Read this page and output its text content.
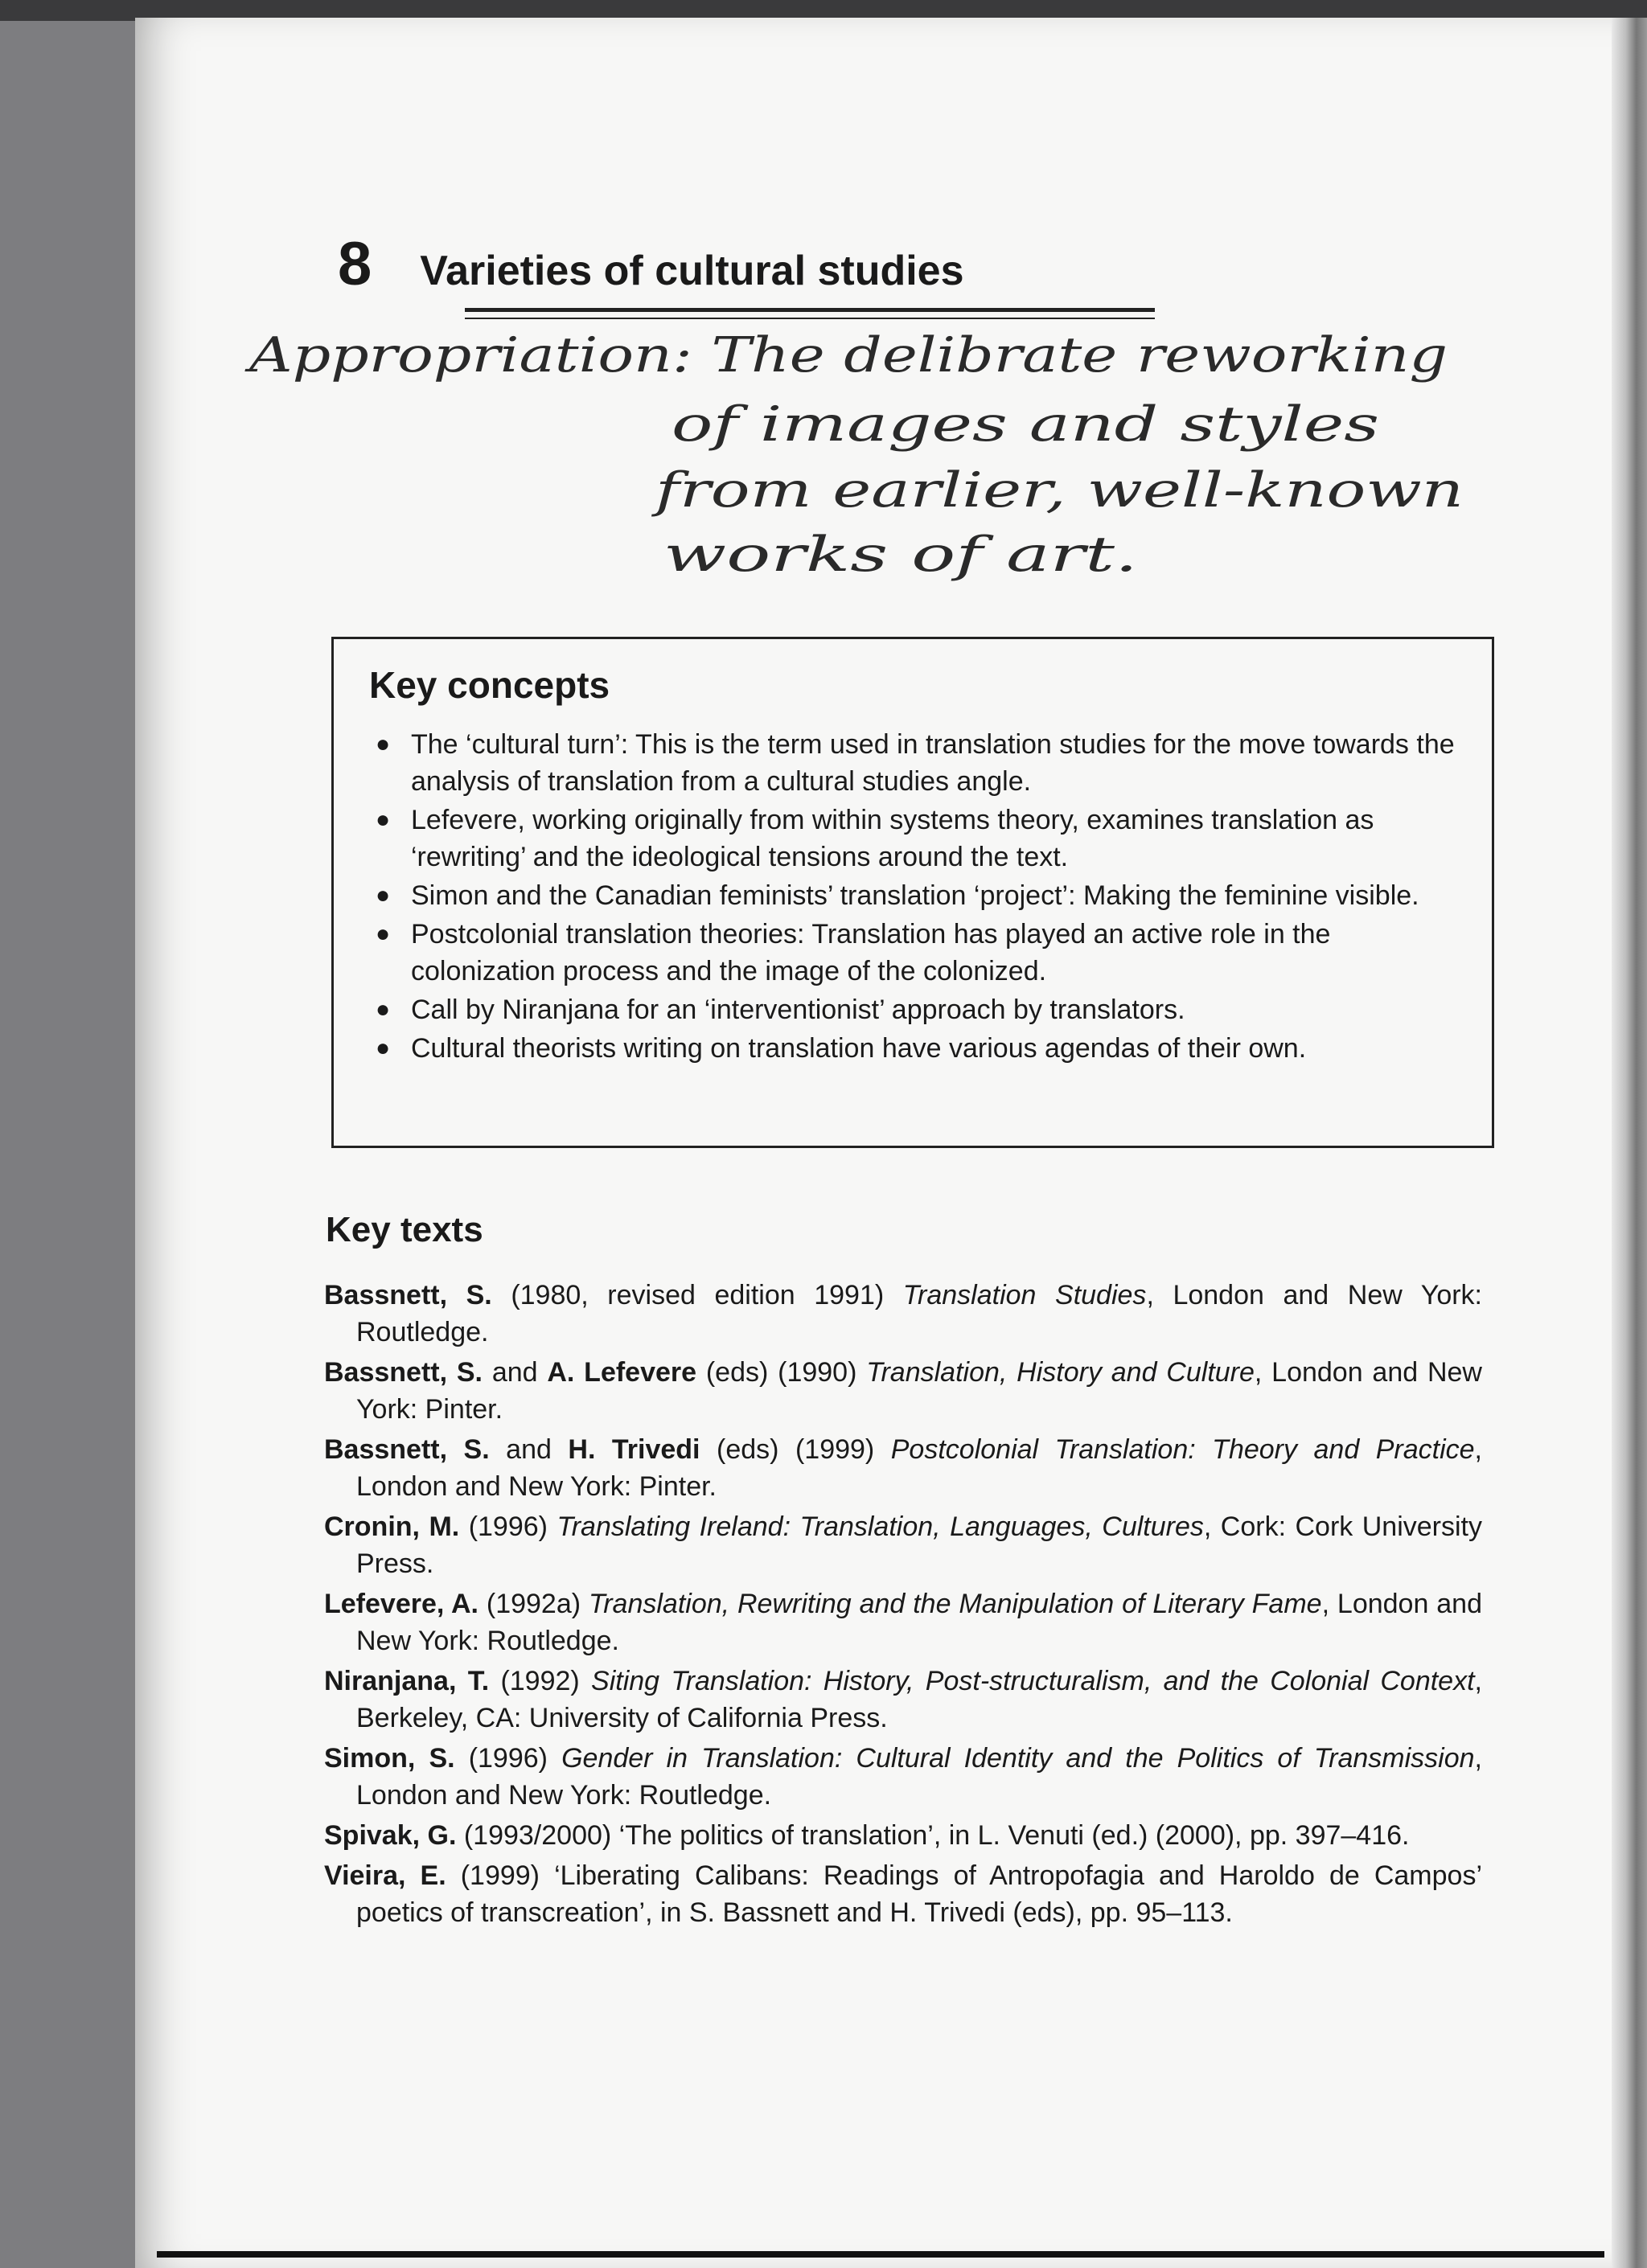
8 Varieties of cultural studies
Appropriation: The delibrate reworking
of images and styles
from earlier, well-known
works of art.
Key concepts
● The ‘cultural turn’: This is the term used in translation studies for the move towards the analysis of translation from a cultural studies angle.
● Lefevere, working originally from within systems theory, examines translation as ‘rewriting’ and the ideological tensions around the text.
● Simon and the Canadian feminists’ translation ‘project’: Making the feminine visible.
● Postcolonial translation theories: Translation has played an active role in the colonization process and the image of the colonized.
● Call by Niranjana for an ‘interventionist’ approach by translators.
● Cultural theorists writing on translation have various agendas of their own.
Key texts
Bassnett, S. (1980, revised edition 1991) Translation Studies, London and New York: Routledge.
Bassnett, S. and A. Lefevere (eds) (1990) Translation, History and Culture, London and New York: Pinter.
Bassnett, S. and H. Trivedi (eds) (1999) Postcolonial Translation: Theory and Practice, London and New York: Pinter.
Cronin, M. (1996) Translating Ireland: Translation, Languages, Cultures, Cork: Cork University Press.
Lefevere, A. (1992a) Translation, Rewriting and the Manipulation of Literary Fame, London and New York: Routledge.
Niranjana, T. (1992) Siting Translation: History, Post-structuralism, and the Colonial Context, Berkeley, CA: University of California Press.
Simon, S. (1996) Gender in Translation: Cultural Identity and the Politics of Transmission, London and New York: Routledge.
Spivak, G. (1993/2000) ‘The politics of translation’, in L. Venuti (ed.) (2000), pp. 397–416.
Vieira, E. (1999) ‘Liberating Calibans: Readings of Antropofagia and Haroldo de Campos’ poetics of transcreation’, in S. Bassnett and H. Trivedi (eds), pp. 95–113.
